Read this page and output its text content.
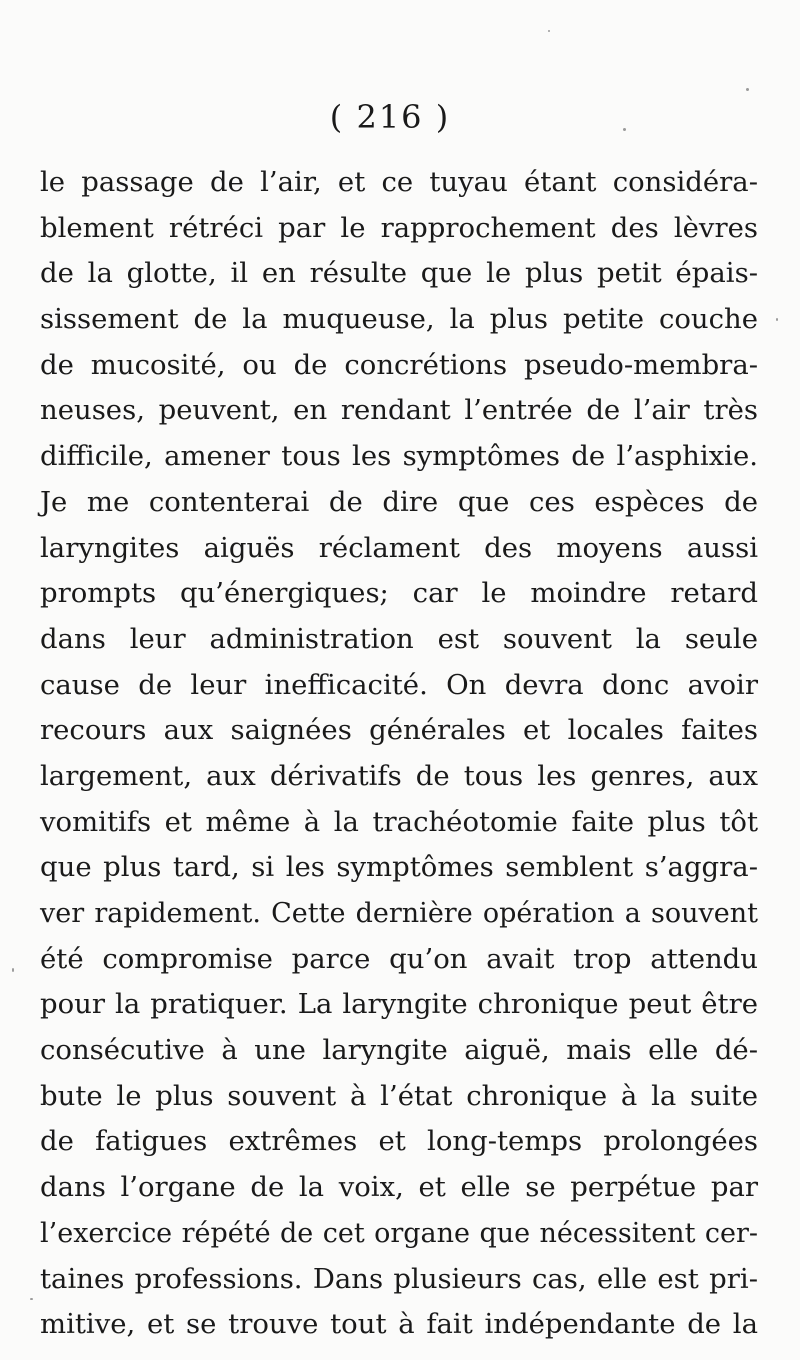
( 216 )
le passage de l’air, et ce tuyau étant considéra-
blement rétréci par le rapprochement des lèvres
de la glotte, il en résulte que le plus petit épais-
sissement de la muqueuse, la plus petite couche
de mucosité, ou de concrétions pseudo-membra-
neuses, peuvent, en rendant l’entrée de l’air très
difficile, amener tous les symptômes de l’asphixie.
Je me contenterai de dire que ces espèces de
laryngites aiguës réclament des moyens aussi
prompts qu’énergiques; car le moindre retard
dans leur administration est souvent la seule
cause de leur inefficacité. On devra donc avoir
recours aux saignées générales et locales faites
largement, aux dérivatifs de tous les genres, aux
vomitifs et même à la trachéotomie faite plus tôt
que plus tard, si les symptômes semblent s’aggra-
ver rapidement. Cette dernière opération a souvent
été compromise parce qu’on avait trop attendu
pour la pratiquer. La laryngite chronique peut être
consécutive à une laryngite aiguë, mais elle dé-
bute le plus souvent à l’état chronique à la suite
de fatigues extrêmes et long-temps prolongées
dans l’organe de la voix, et elle se perpétue par
l’exercice répété de cet organe que nécessitent cer-
taines professions. Dans plusieurs cas, elle est pri-
mitive, et se trouve tout à fait indépendante de la
